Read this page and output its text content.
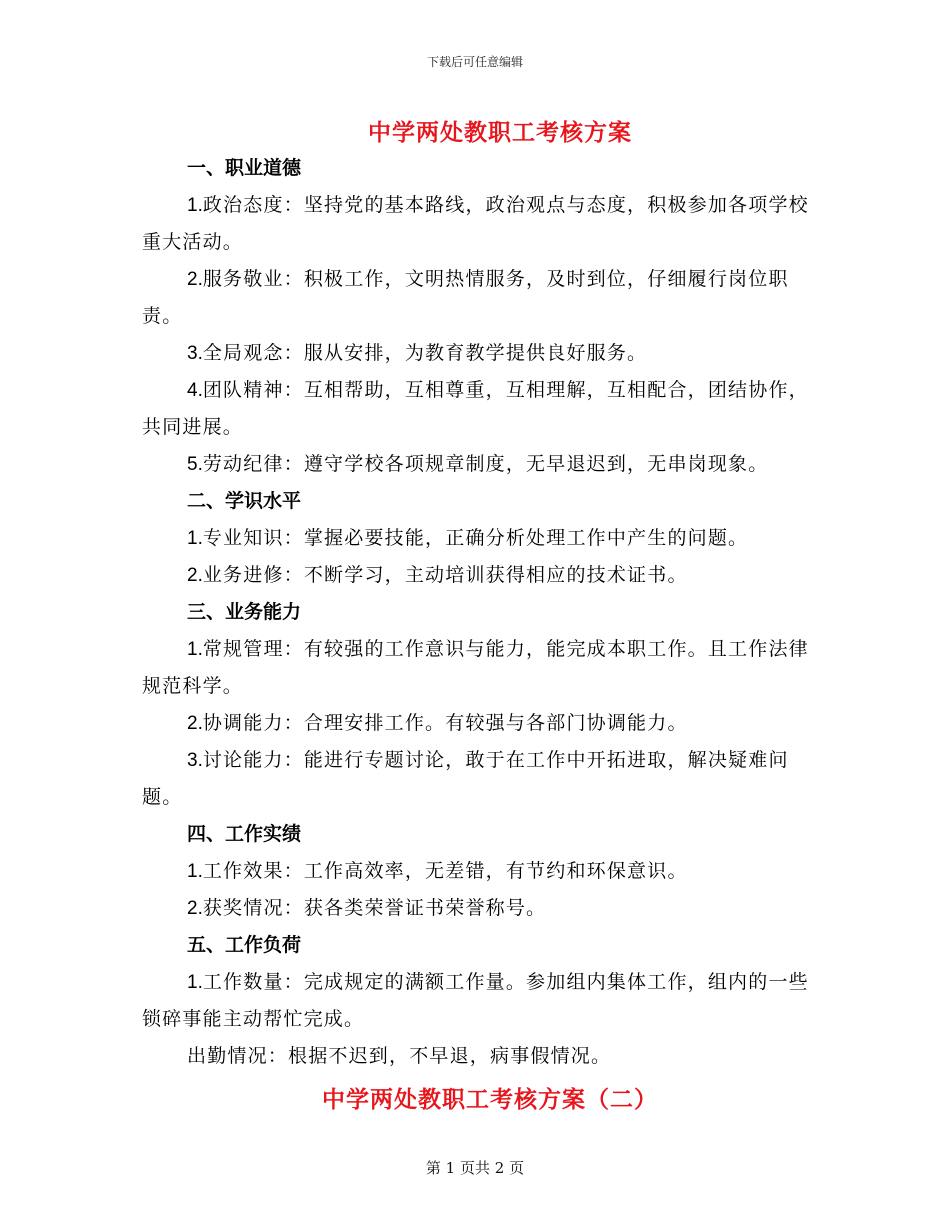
下载后可任意编辑
中学两处教职工考核方案
一、职业道德

1.政治态度：坚持党的基本路线，政治观点与态度，积极参加各项学校重大活动。

2.服务敬业：积极工作，文明热情服务，及时到位，仔细履行岗位职责。

3.全局观念：服从安排，为教育教学提供良好服务。

4.团队精神：互相帮助，互相尊重，互相理解，互相配合，团结协作，共同进展。

5.劳动纪律：遵守学校各项规章制度，无早退迟到，无串岗现象。

二、学识水平

1.专业知识：掌握必要技能，正确分析处理工作中产生的问题。

2.业务进修：不断学习，主动培训获得相应的技术证书。

三、业务能力

1.常规管理：有较强的工作意识与能力，能完成本职工作。且工作法律规范科学。

2.协调能力：合理安排工作。有较强与各部门协调能力。

3.讨论能力：能进行专题讨论，敢于在工作中开拓进取，解决疑难问题。

四、工作实绩

1.工作效果：工作高效率，无差错，有节约和环保意识。

2.获奖情况：获各类荣誉证书荣誉称号。

五、工作负荷

1.工作数量：完成规定的满额工作量。参加组内集体工作，组内的一些锁碎事能主动帮忙完成。

出勤情况：根据不迟到，不早退，病事假情况。

中学两处教职工考核方案（二）
第 1 页共 2 页
